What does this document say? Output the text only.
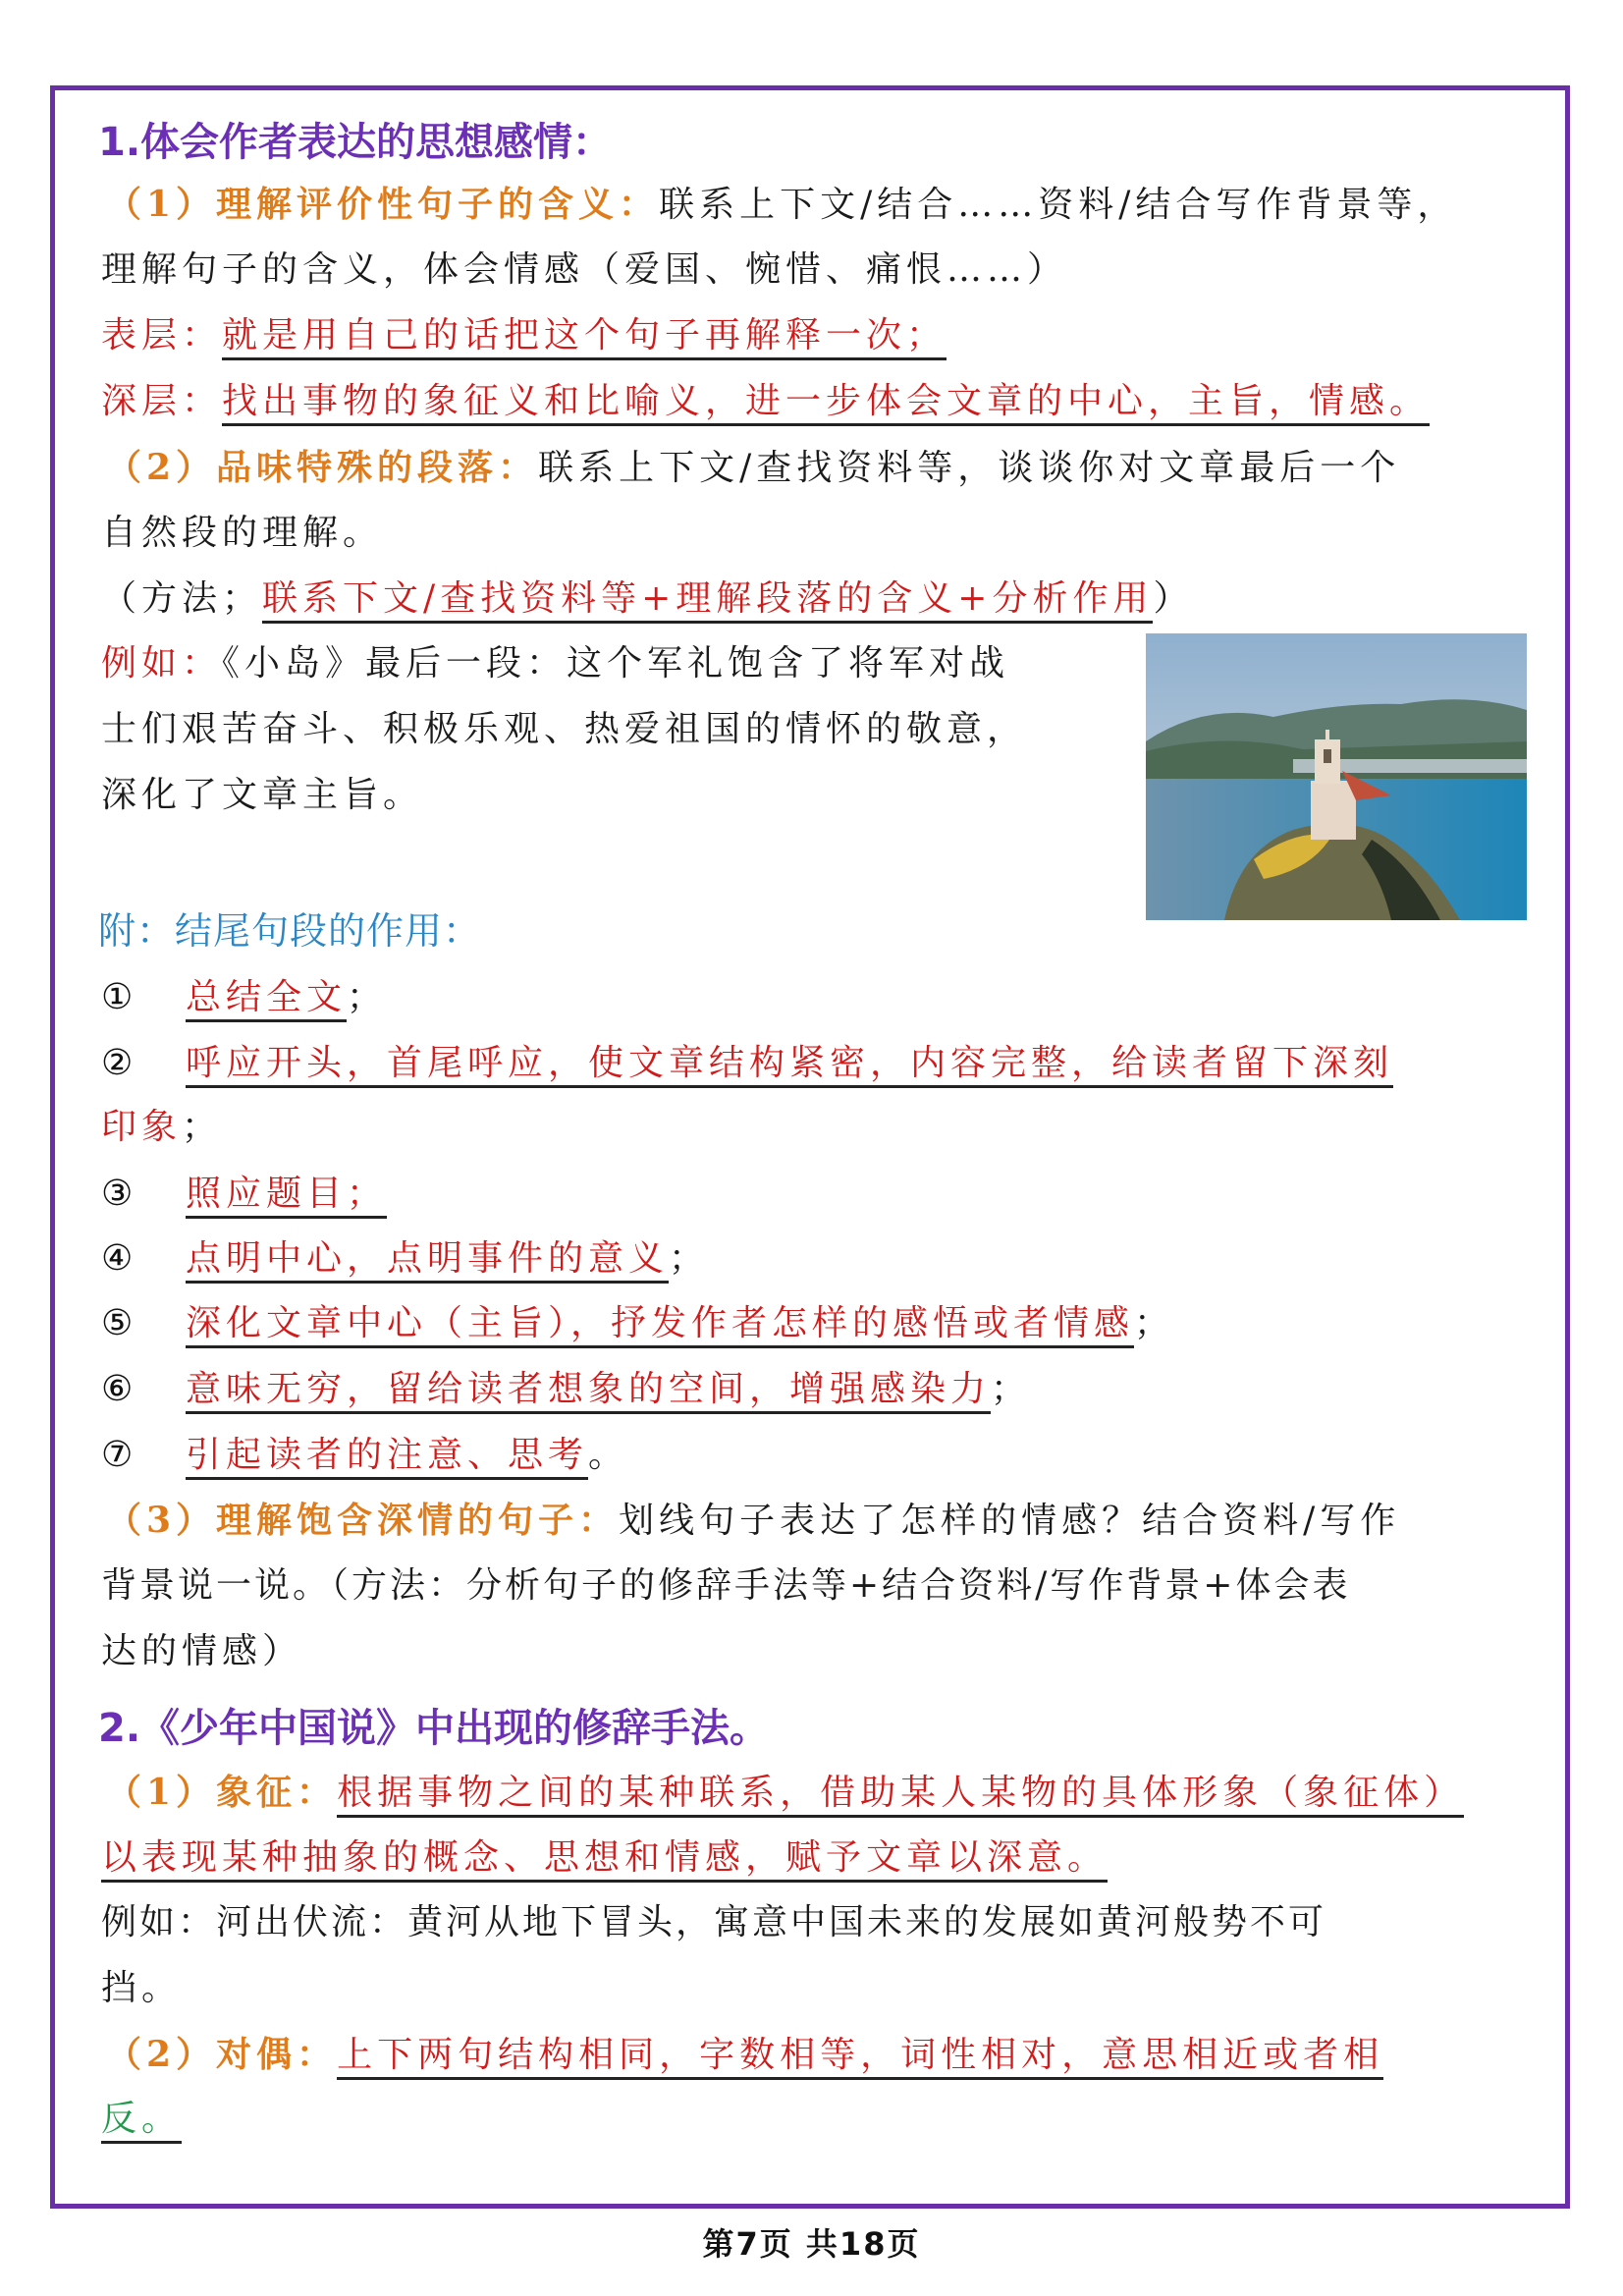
1.体会作者表达的思想感情：
（1）理解评价性句子的含义：联系上下文/结合……资料/结合写作背景等，
理解句子的含义，体会情感（爱国、惋惜、痛恨……）
表层：就是用自己的话把这个句子再解释一次；
深层：找出事物的象征义和比喻义，进一步体会文章的中心，主旨，情感。
（2）品味特殊的段落：联系上下文/查找资料等，谈谈你对文章最后一个
自然段的理解。
（方法；联系下文/查找资料等+理解段落的含义+分析作用）
例如：《小岛》最后一段：这个军礼饱含了将军对战
士们艰苦奋斗、积极乐观、热爱祖国的情怀的敬意，
深化了文章主旨。
附：结尾句段的作用：
① 总结全文；
② 呼应开头，首尾呼应，使文章结构紧密，内容完整，给读者留下深刻
印象；
③ 照应题目；
④ 点明中心，点明事件的意义；
⑤ 深化文章中心（主旨），抒发作者怎样的感悟或者情感；
⑥ 意味无穷，留给读者想象的空间，增强感染力；
⑦ 引起读者的注意、思考。
（3）理解饱含深情的句子：划线句子表达了怎样的情感？结合资料/写作
背景说一说。（方法：分析句子的修辞手法等+结合资料/写作背景+体会表
达的情感）
2.《少年中国说》中出现的修辞手法。
（1）象征：根据事物之间的某种联系，借助某人某物的具体形象（象征体）
以表现某种抽象的概念、思想和情感，赋予文章以深意。
例如：河出伏流：黄河从地下冒头，寓意中国未来的发展如黄河般势不可
挡。
（2）对偶：上下两句结构相同，字数相等，词性相对，意思相近或者相
反。
第7页 共18页
